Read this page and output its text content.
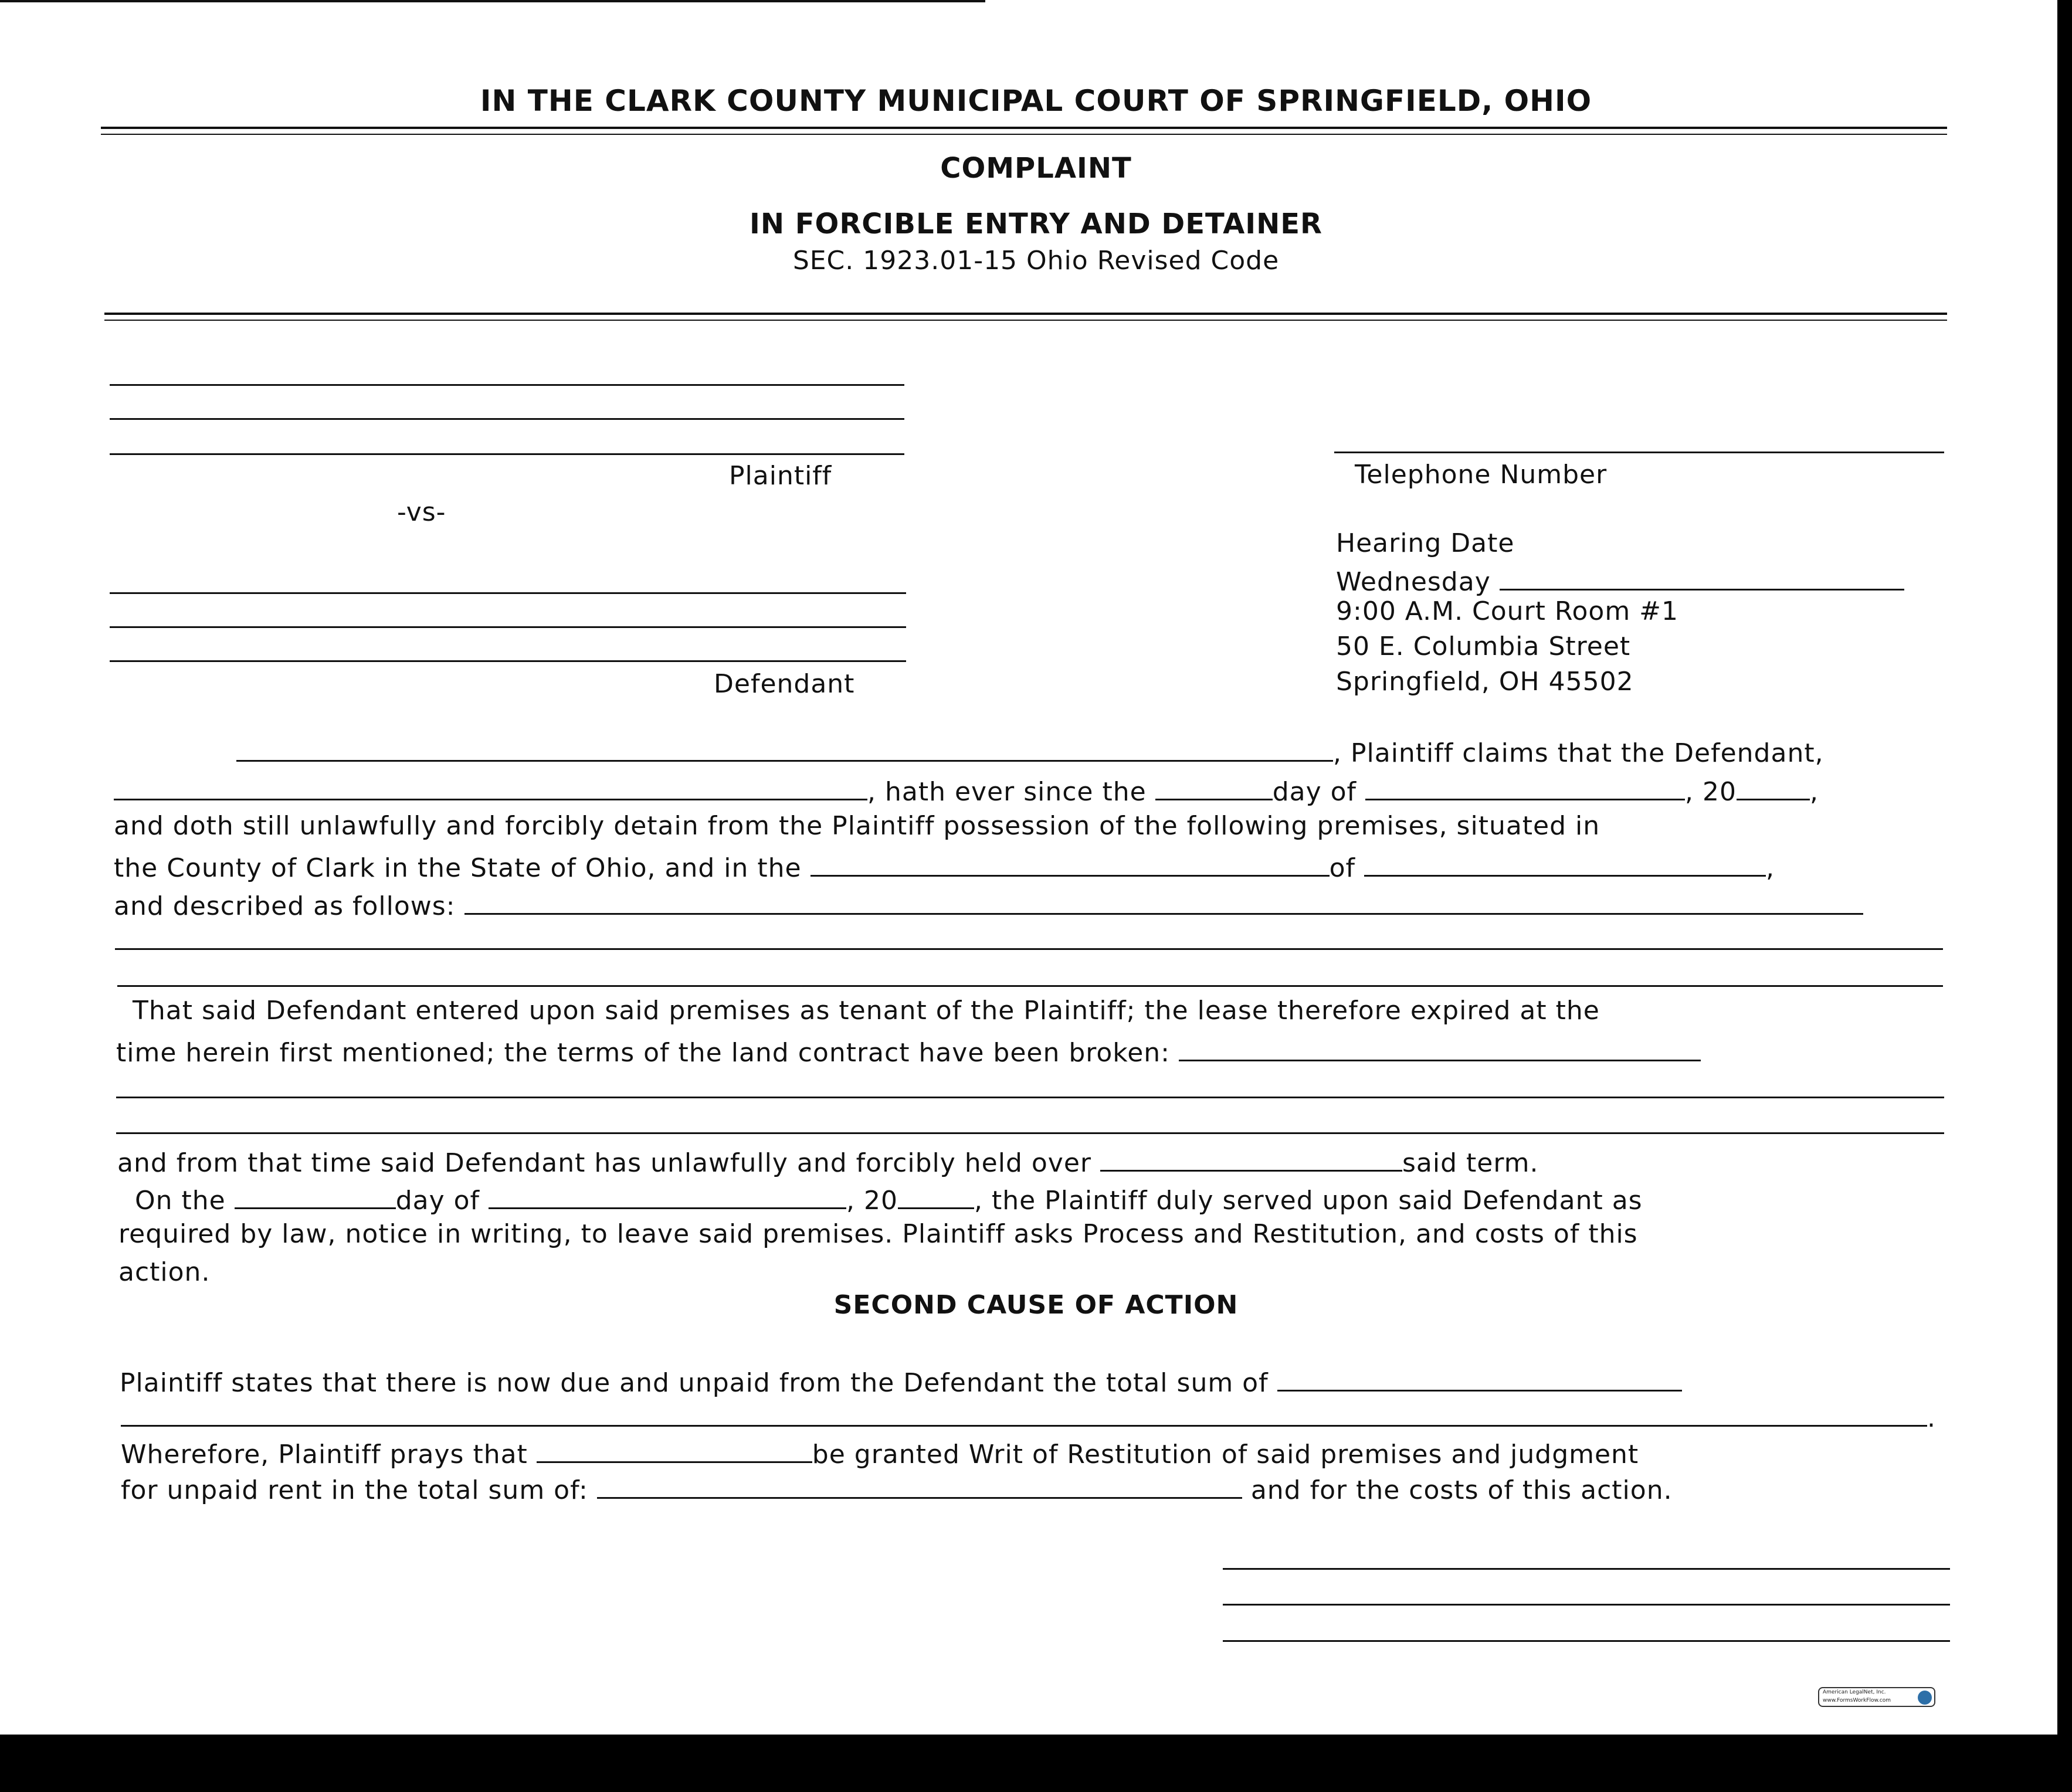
IN THE CLARK COUNTY MUNICIPAL COURT OF SPRINGFIELD, OHIO
COMPLAINT
IN FORCIBLE ENTRY AND DETAINER
SEC. 1923.01-15 Ohio Revised Code
Plaintiff
-vs-
Defendant
Telephone Number
Hearing Date
Wednesday
9:00 A.M. Court Room #1
50 E. Columbia Street
Springfield, OH 45502
, Plaintiff claims that the Defendant,
, hath ever since the	day of	, 20	,
and doth still unlawfully and forcibly detain from the Plaintiff possession of the following premises, situated in
the County of Clark in the State of Ohio, and in the	of	,
and described as follows:
That said Defendant entered upon said premises as tenant of the Plaintiff; the lease therefore expired at the
time herein first mentioned; the terms of the land contract have been broken:
and from that time said Defendant has unlawfully and forcibly held over	said term.
On the	day of	, 20	, the Plaintiff duly served upon said Defendant as
required by law, notice in writing, to leave said premises. Plaintiff asks Process and Restitution, and costs of this
action.
SECOND CAUSE OF ACTION
Plaintiff states that there is now due and unpaid from the Defendant the total sum of
.
Wherefore, Plaintiff prays that	be granted Writ of Restitution of said premises and judgment
for unpaid rent in the total sum of:	and for the costs of this action.
American LegalNet, Inc.
www.FormsWorkFlow.com
